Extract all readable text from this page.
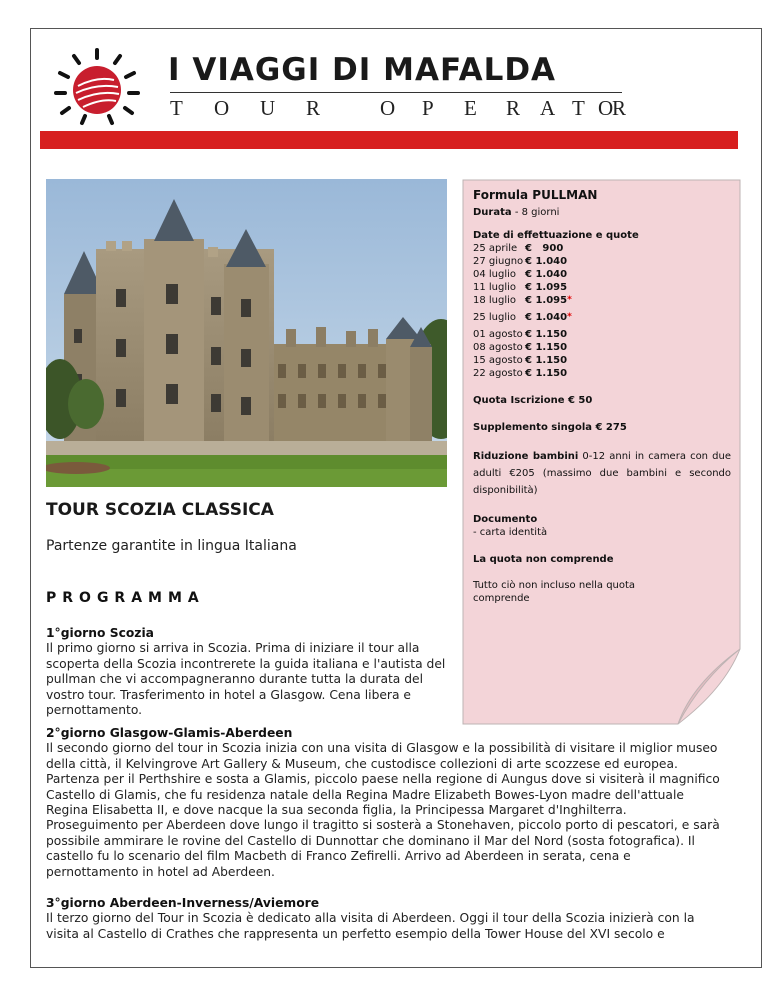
I VIAGGI DI MAFALDA
T O U R	O P E R A T O
R
Formula PULLMAN
Durata - 8 giorni
Date di effettuazione e quote
25 aprile €   900
27 giugno € 1.040
04 luglio € 1.040
11 luglio € 1.095
18 luglio € 1.095*
25 luglio € 1.040*
01 agosto € 1.150
08 agosto € 1.150
15 agosto € 1.150
22 agosto € 1.150
Quota Iscrizione € 50
Supplemento singola € 275
Riduzione bambini 0-12 anni in camera con due adulti €205 (massimo due bambini e secondo disponibilità)
Documento
- carta identità
La quota non comprende
Tutto ciò non incluso nella quota comprende
TOUR SCOZIA CLASSICA
Partenze garantite in lingua Italiana
PROGRAMMA
1°giorno Scozia
Il primo giorno si arriva in Scozia. Prima di iniziare il tour alla scoperta della Scozia incontrerete la guida italiana e l'autista del pullman che vi accompagneranno durante tutta la durata del vostro tour. Trasferimento in hotel a Glasgow. Cena libera e pernottamento.
2°giorno Glasgow-Glamis-Aberdeen
Il secondo giorno del tour in Scozia inizia con una visita di Glasgow e la possibilità di visitare il miglior museo della città, il Kelvingrove Art Gallery & Museum, che custodisce collezioni di arte scozzese ed europea. Partenza per il Perthshire e sosta a Glamis, piccolo paese nella regione di Aungus dove si visiterà il magnifico Castello di Glamis, che fu residenza natale della Regina Madre Elizabeth Bowes-Lyon madre dell'attuale Regina Elisabetta II, e dove nacque la sua seconda figlia, la Principessa Margaret d'Inghilterra.
Proseguimento per Aberdeen dove lungo il tragitto si sosterà a Stonehaven, piccolo porto di pescatori, e sarà possibile ammirare le rovine del Castello di Dunnottar che dominano il Mar del Nord (sosta fotografica). Il castello fu lo scenario del film Macbeth di Franco Zefirelli. Arrivo ad Aberdeen in serata, cena e pernottamento in hotel ad Aberdeen.
3°giorno Aberdeen-Inverness/Aviemore
Il terzo giorno del Tour in Scozia è dedicato alla visita di Aberdeen. Oggi il tour della Scozia inizierà con la visita al Castello di Crathes che rappresenta un perfetto esempio della Tower House del XVI secolo e
